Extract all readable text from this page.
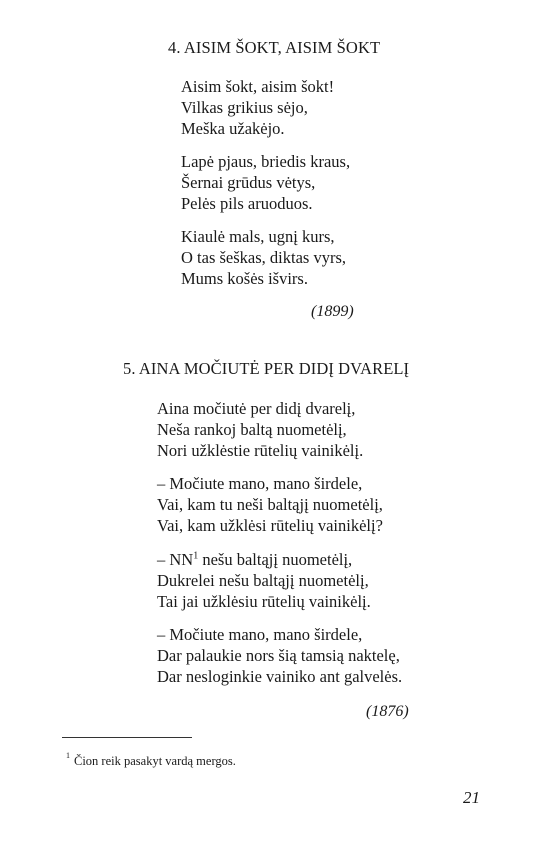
4. AISIM ŠOKT, AISIM ŠOKT
Aisim šokt, aisim šokt!
Vilkas grikius sėjo,
Meška užakėjo.
Lapė pjaus, briedis kraus,
Šernai grūdus vėtys,
Pelės pils aruoduos.
Kiaulė mals, ugnį kurs,
O tas šeškas, diktas vyrs,
Mums košės išvirs.
(1899)
5. AINA MOČIUTĖ PER DIDĮ DVARELĮ
Aina močiutė per didį dvarelį,
Neša rankoj baltą nuometėlį,
Nori užklėstie rūtelių vainikėlį.
– Močiute mano, mano širdele,
Vai, kam tu neši baltąjį nuometėlį,
Vai, kam užklėsi rūtelių vainikėlį?
– NN$^1$ nešu baltąjį nuometėlį,
Dukrelei nešu baltąjį nuometėlį,
Tai jai užklėsiu rūtelių vainikėlį.
– Močiute mano, mano širdele,
Dar palaukie nors šią tamsią naktelę,
Dar nesloginkie vainiko ant galvelės.
(1876)
$^1$ Čion reik pasakyt vardą mergos.
21
